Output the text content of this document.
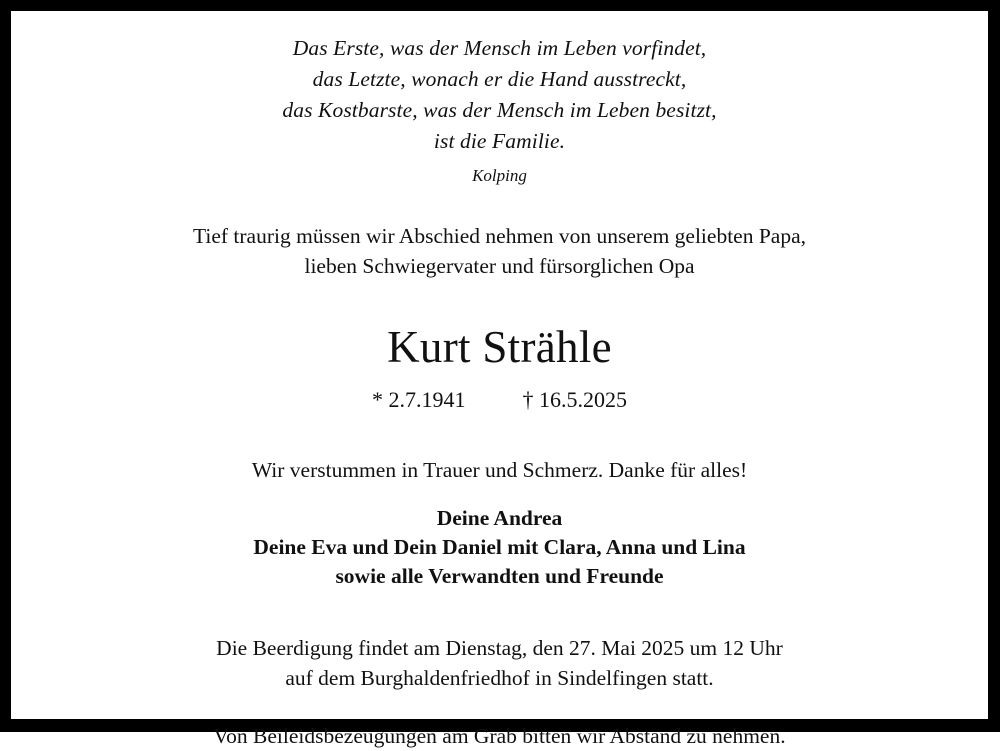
Das Erste, was der Mensch im Leben vorfindet,
das Letzte, wonach er die Hand ausstreckt,
das Kostbarste, was der Mensch im Leben besitzt,
ist die Familie.
Kolping
Tief traurig müssen wir Abschied nehmen von unserem geliebten Papa,
lieben Schwiegervater und fürsorglichen Opa
Kurt Strähle
* 2.7.1941	† 16.5.2025
Wir verstummen in Trauer und Schmerz. Danke für alles!
Deine Andrea
Deine Eva und Dein Daniel mit Clara, Anna und Lina
sowie alle Verwandten und Freunde
Die Beerdigung findet am Dienstag, den 27. Mai 2025 um 12 Uhr
auf dem Burghaldenfriedhof in Sindelfingen statt.
Von Beileidsbezeugungen am Grab bitten wir Abstand zu nehmen.
